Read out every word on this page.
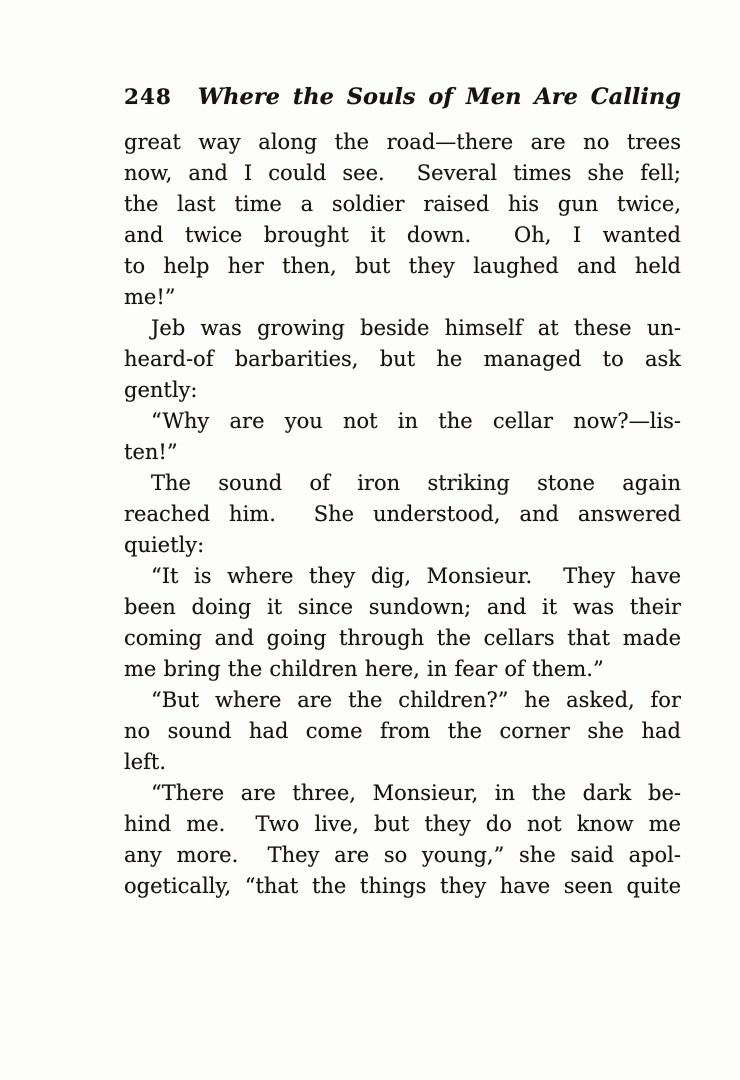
248 Where the Souls of Men Are Calling
great way along the road—there are no trees
now, and I could see.  Several times she fell;
the last time a soldier raised his gun twice,
and twice brought it down.  Oh, I wanted
to help her then, but they laughed and held
me!”
Jeb was growing beside himself at these un-
heard-of barbarities, but he managed to ask
gently:
“Why are you not in the cellar now?—lis-
ten!”
The sound of iron striking stone again
reached him.  She understood, and answered
quietly:
“It is where they dig, Monsieur.  They have
been doing it since sundown; and it was their
coming and going through the cellars that made
me bring the children here, in fear of them.”
“But where are the children?” he asked, for
no sound had come from the corner she had
left.
“There are three, Monsieur, in the dark be-
hind me.  Two live, but they do not know me
any more.  They are so young,” she said apol-
ogetically, “that the things they have seen quite
